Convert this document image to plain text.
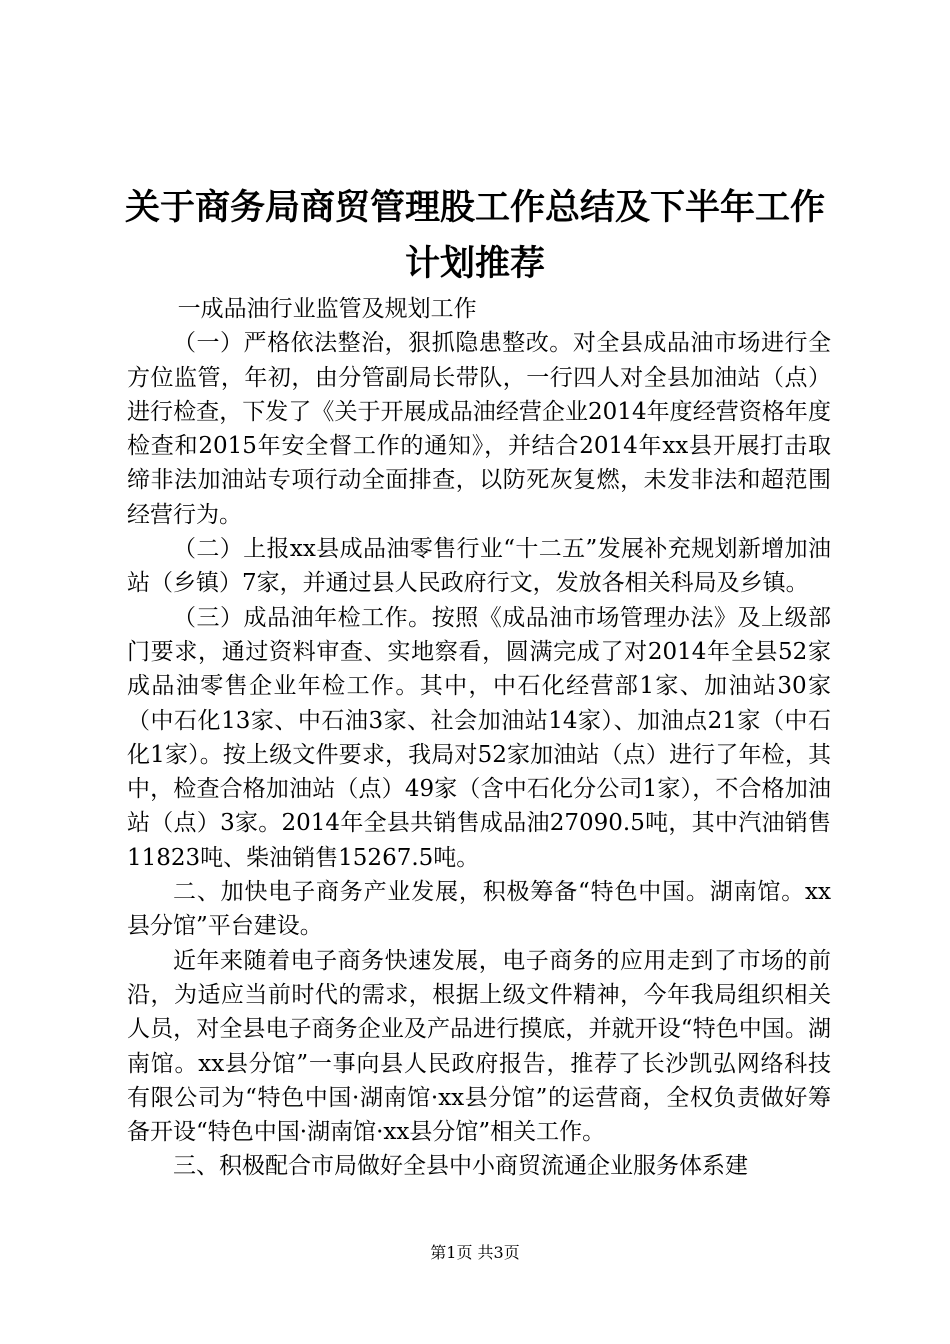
关于商务局商贸管理股工作总结及下半年工作
计划推荐

一成品油行业监管及规划工作

（一）严格依法整治，狠抓隐患整改。对全县成品油市场进行全方位监管，年初，由分管副局长带队，一行四人对全县加油站（点）进行检查，下发了《关于开展成品油经营企业2014年度经营资格年度检查和2015年安全督工作的通知》，并结合2014年xx县开展打击取缔非法加油站专项行动全面排查，以防死灰复燃，未发非法和超范围经营行为。

（二）上报xx县成品油零售行业“十二五”发展补充规划新增加油站（乡镇）7家，并通过县人民政府行文，发放各相关科局及乡镇。

（三）成品油年检工作。按照《成品油市场管理办法》及上级部门要求，通过资料审查、实地察看，圆满完成了对2014年全县52家成品油零售企业年检工作。其中，中石化经营部1家、加油站30家（中石化13家、中石油3家、社会加油站14家）、加油点21家（中石化1家）。按上级文件要求，我局对52家加油站（点）进行了年检，其中，检查合格加油站（点）49家（含中石化分公司1家），不合格加油站（点）3家。2014年全县共销售成品油27090.5吨，其中汽油销售11823吨、柴油销售15267.5吨。

二、加快电子商务产业发展，积极筹备“特色中国。湖南馆。xx县分馆”平台建设。

近年来随着电子商务快速发展，电子商务的应用走到了市场的前沿，为适应当前时代的需求，根据上级文件精神，今年我局组织相关人员，对全县电子商务企业及产品进行摸底，并就开设“特色中国。湖南馆。xx县分馆”一事向县人民政府报告，推荐了长沙凯弘网络科技有限公司为“特色中国·湖南馆·xx县分馆”的运营商，全权负责做好筹备开设“特色中国·湖南馆·xx县分馆”相关工作。

三、积极配合市局做好全县中小商贸流通企业服务体系建

第1页 共3页
